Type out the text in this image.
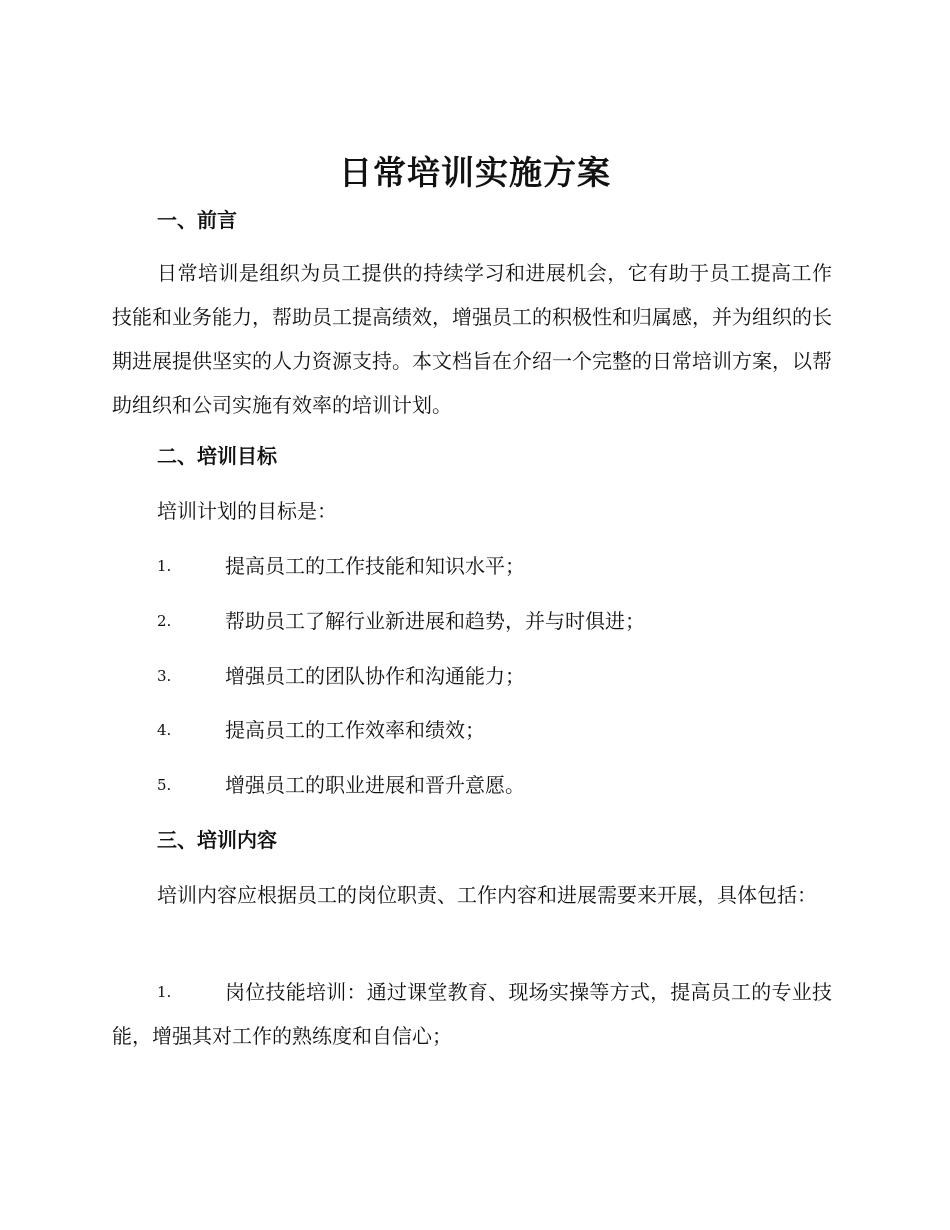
日常培训实施方案
一、前言
日常培训是组织为员工提供的持续学习和进展机会，它有助于员工提高工作技能和业务能力，帮助员工提高绩效，增强员工的积极性和归属感，并为组织的长期进展提供坚实的人力资源支持。本文档旨在介绍一个完整的日常培训方案，以帮助组织和公司实施有效率的培训计划。
二、培训目标
培训计划的目标是：
1.	提高员工的工作技能和知识水平；
2.	帮助员工了解行业新进展和趋势，并与时俱进；
3.	增强员工的团队协作和沟通能力；
4.	提高员工的工作效率和绩效；
5.	增强员工的职业进展和晋升意愿。
三、培训内容
培训内容应根据员工的岗位职责、工作内容和进展需要来开展，具体包括：
1.	岗位技能培训：通过课堂教育、现场实操等方式，提高员工的专业技能，增强其对工作的熟练度和自信心；
